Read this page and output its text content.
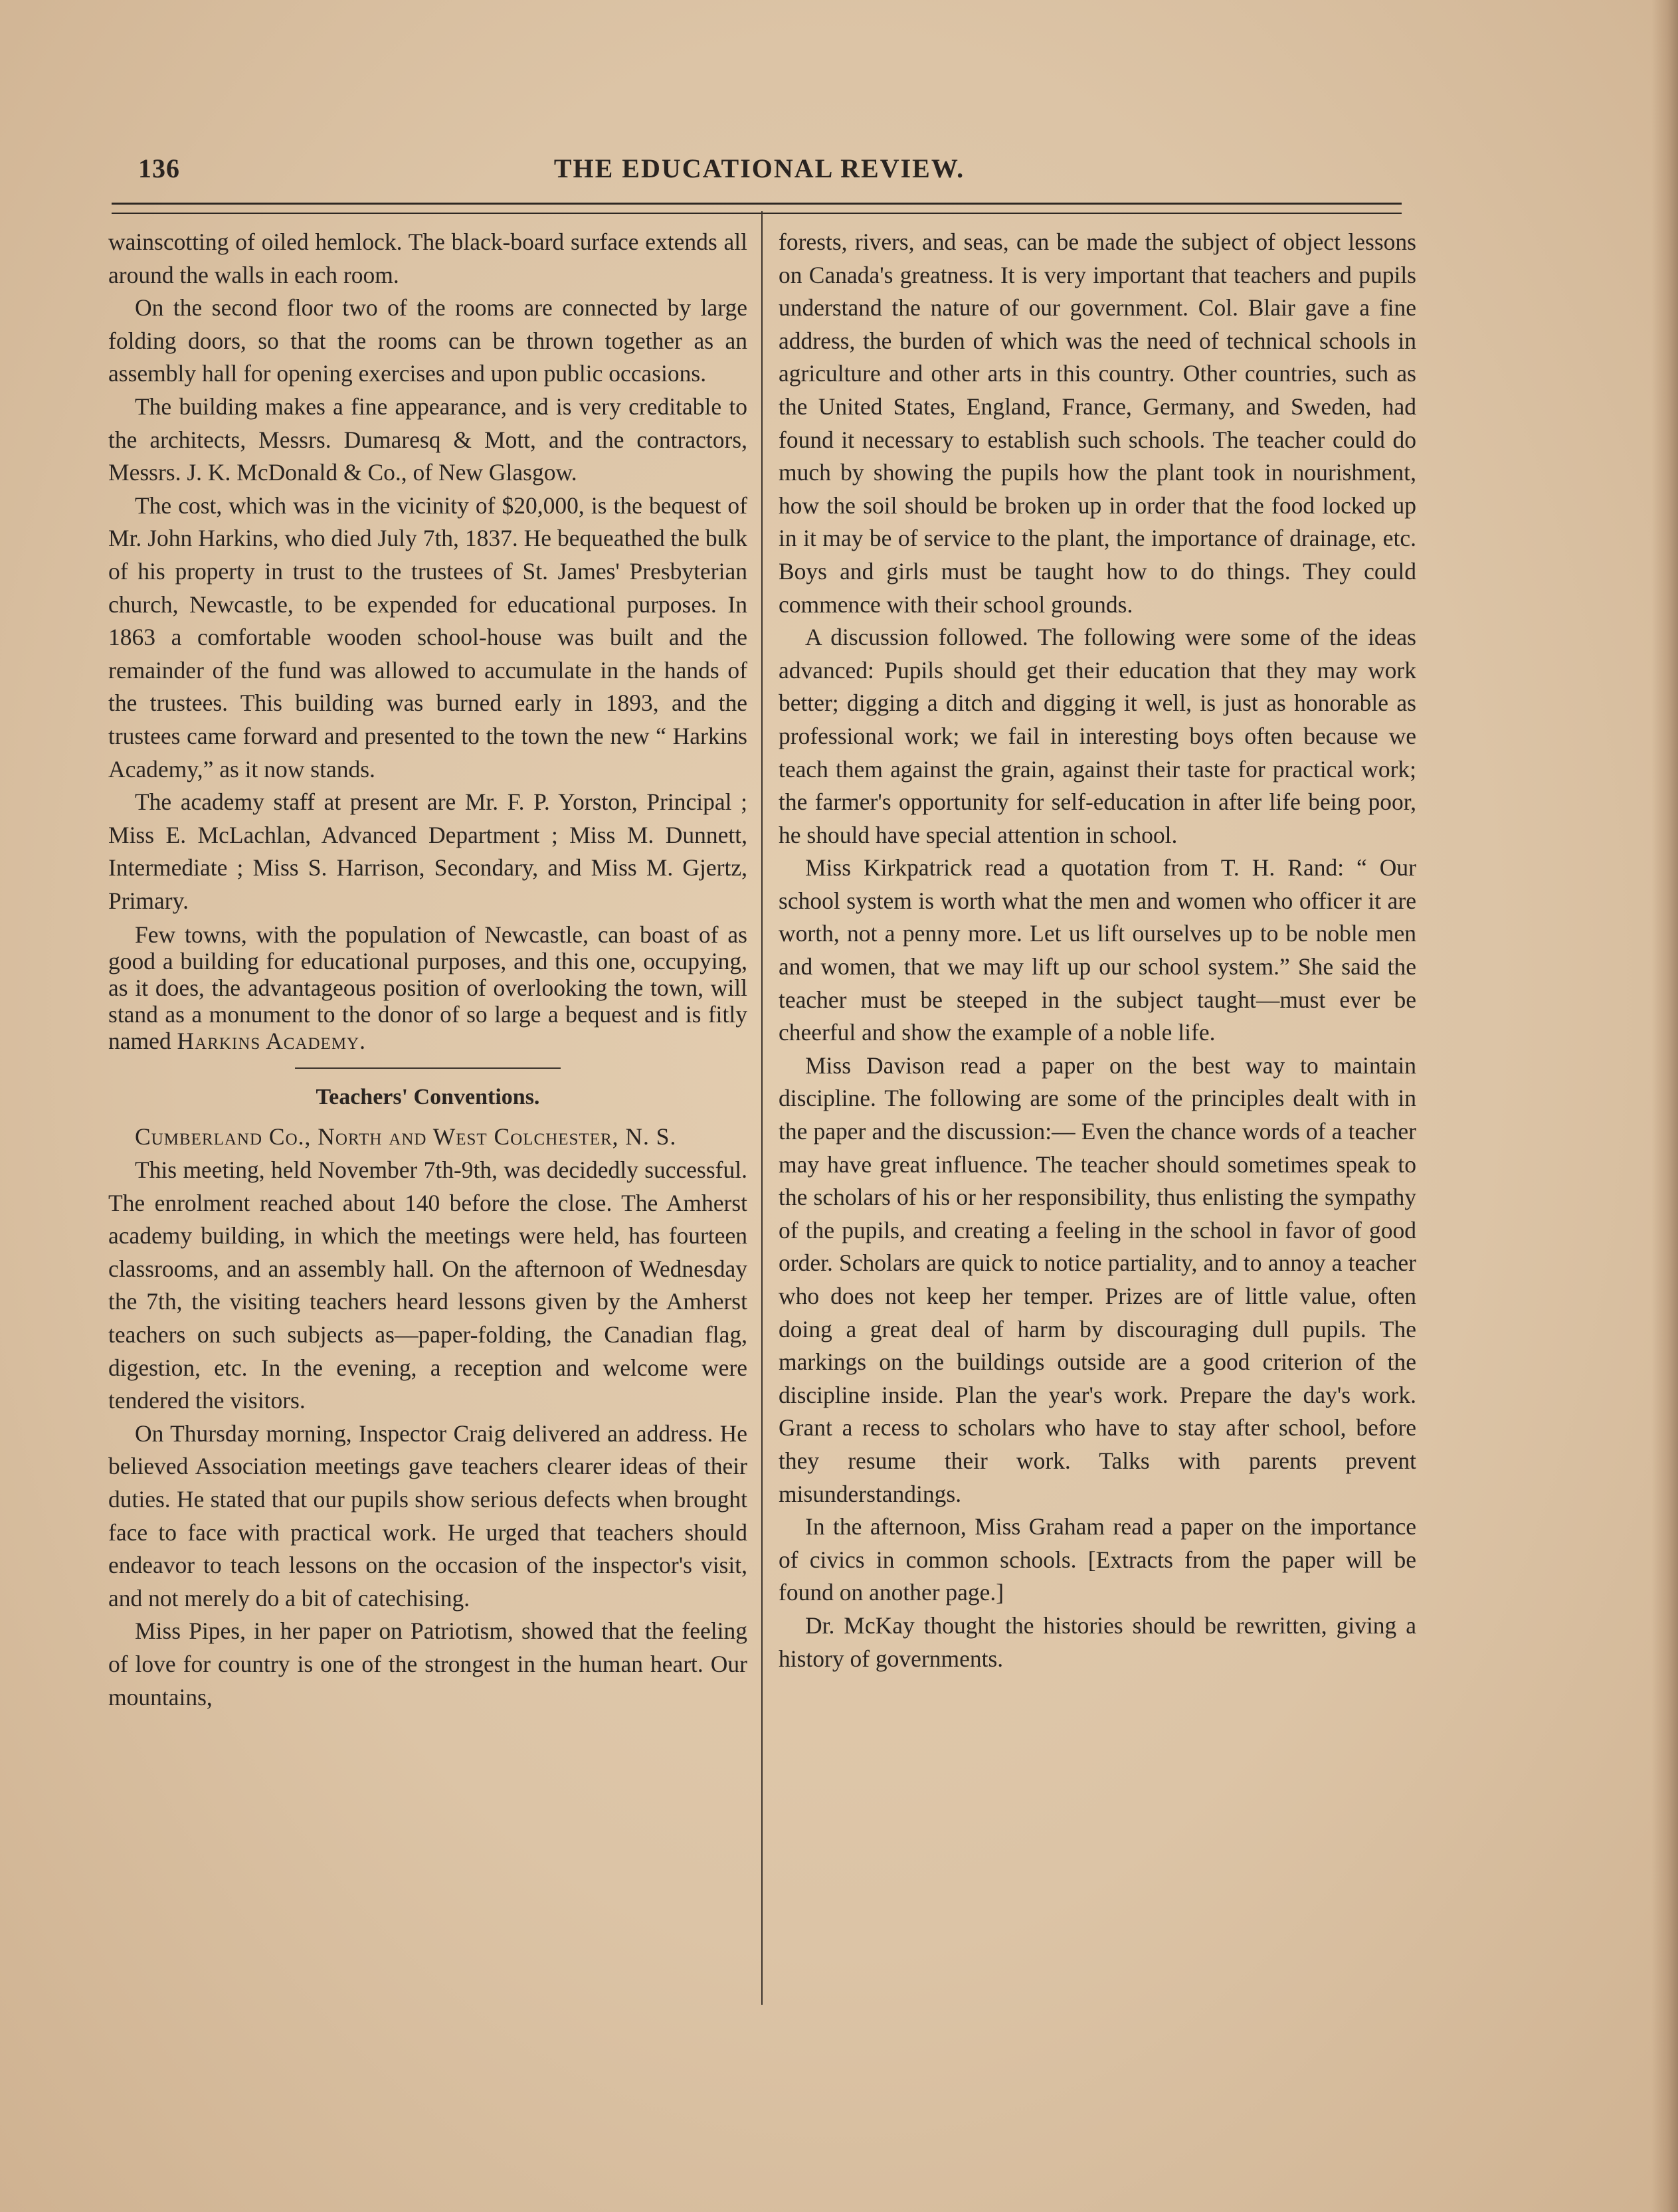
136	THE EDUCATIONAL REVIEW.

wainscotting of oiled hemlock. The black-board surface extends all around the walls in each room.

On the second floor two of the rooms are connected by large folding doors, so that the rooms can be thrown together as an assembly hall for opening exercises and upon public occasions.

The building makes a fine appearance, and is very creditable to the architects, Messrs. Dumaresq & Mott, and the contractors, Messrs. J. K. McDonald & Co., of New Glasgow.

The cost, which was in the vicinity of $20,000, is the bequest of Mr. John Harkins, who died July 7th, 1837. He bequeathed the bulk of his property in trust to the trustees of St. James' Presbyterian church, Newcastle, to be expended for educational purposes. In 1863 a comfortable wooden school-house was built and the remainder of the fund was allowed to accumulate in the hands of the trustees. This building was burned early in 1893, and the trustees came forward and presented to the town the new “ Harkins Academy,” as it now stands.

The academy staff at present are Mr. F. P. Yorston, Principal ; Miss E. McLachlan, Advanced Department ; Miss M. Dunnett, Intermediate ; Miss S. Harrison, Secondary, and Miss M. Gjertz, Primary.

Few towns, with the population of Newcastle, can boast of as good a building for educational purposes, and this one, occupying, as it does, the advantageous position of overlooking the town, will stand as a monument to the donor of so large a bequest and is fitly named Harkins Academy.

Teachers' Conventions.

Cumberland Co., North and West Colchester, N. S.

This meeting, held November 7th-9th, was decidedly successful. The enrolment reached about 140 before the close. The Amherst academy building, in which the meetings were held, has fourteen classrooms, and an assembly hall. On the afternoon of Wednesday the 7th, the visiting teachers heard lessons given by the Amherst teachers on such subjects as—paper-folding, the Canadian flag, digestion, etc. In the evening, a reception and welcome were tendered the visitors.

On Thursday morning, Inspector Craig delivered an address. He believed Association meetings gave teachers clearer ideas of their duties. He stated that our pupils show serious defects when brought face to face with practical work. He urged that teachers should endeavor to teach lessons on the occasion of the inspector's visit, and not merely do a bit of catechising.

Miss Pipes, in her paper on Patriotism, showed that the feeling of love for country is one of the strongest in the human heart. Our mountains,

forests, rivers, and seas, can be made the subject of object lessons on Canada's greatness. It is very important that teachers and pupils understand the nature of our government. Col. Blair gave a fine address, the burden of which was the need of technical schools in agriculture and other arts in this country. Other countries, such as the United States, England, France, Germany, and Sweden, had found it necessary to establish such schools. The teacher could do much by showing the pupils how the plant took in nourishment, how the soil should be broken up in order that the food locked up in it may be of service to the plant, the importance of drainage, etc. Boys and girls must be taught how to do things. They could commence with their school grounds.

A discussion followed. The following were some of the ideas advanced: Pupils should get their education that they may work better; digging a ditch and digging it well, is just as honorable as professional work; we fail in interesting boys often because we teach them against the grain, against their taste for practical work; the farmer's opportunity for self-education in after life being poor, he should have special attention in school.

Miss Kirkpatrick read a quotation from T. H. Rand: “ Our school system is worth what the men and women who officer it are worth, not a penny more. Let us lift ourselves up to be noble men and women, that we may lift up our school system.” She said the teacher must be steeped in the subject taught—must ever be cheerful and show the example of a noble life.

Miss Davison read a paper on the best way to maintain discipline. The following are some of the principles dealt with in the paper and the discussion:— Even the chance words of a teacher may have great influence. The teacher should sometimes speak to the scholars of his or her responsibility, thus enlisting the sympathy of the pupils, and creating a feeling in the school in favor of good order. Scholars are quick to notice partiality, and to annoy a teacher who does not keep her temper. Prizes are of little value, often doing a great deal of harm by discouraging dull pupils. The markings on the buildings outside are a good criterion of the discipline inside. Plan the year's work. Prepare the day's work. Grant a recess to scholars who have to stay after school, before they resume their work. Talks with parents prevent misunderstandings.

In the afternoon, Miss Graham read a paper on the importance of civics in common schools. [Extracts from the paper will be found on another page.]

Dr. McKay thought the histories should be rewritten, giving a history of governments.
